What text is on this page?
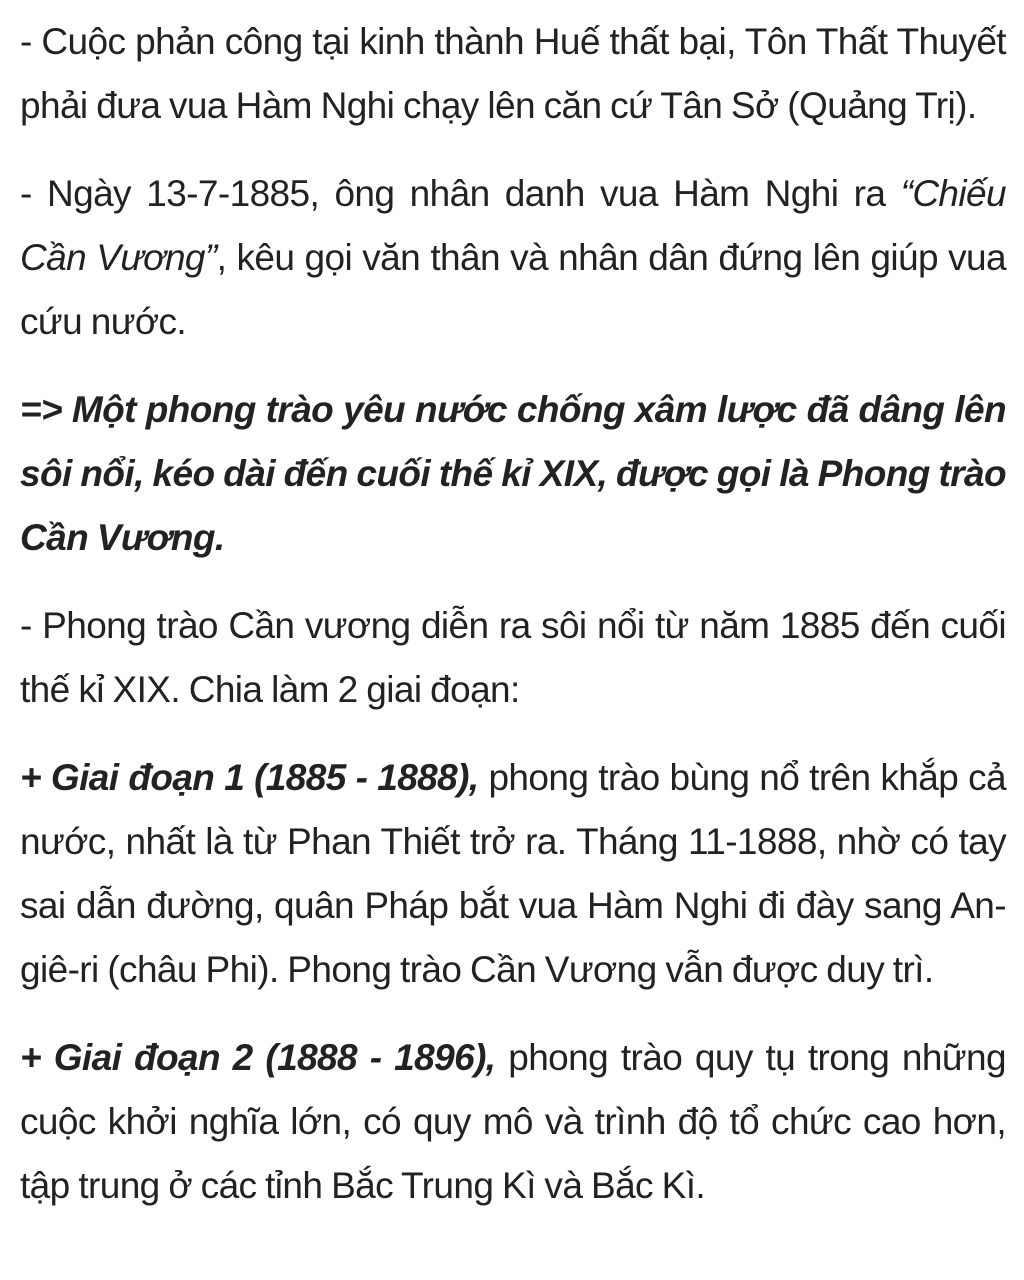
- Cuộc phản công tại kinh thành Huế thất bại, Tôn Thất Thuyết phải đưa vua Hàm Nghi chạy lên căn cứ Tân Sở (Quảng Trị).

- Ngày 13-7-1885, ông nhân danh vua Hàm Nghi ra “Chiếu Cần Vương”, kêu gọi văn thân và nhân dân đứng lên giúp vua cứu nước.

=> Một phong trào yêu nước chống xâm lược đã dâng lên sôi nổi, kéo dài đến cuối thế kỉ XIX, được gọi là Phong trào Cần Vương.

- Phong trào Cần vương diễn ra sôi nổi từ năm 1885 đến cuối thế kỉ XIX. Chia làm 2 giai đoạn:

+ Giai đoạn 1 (1885 - 1888), phong trào bùng nổ trên khắp cả nước, nhất là từ Phan Thiết trở ra. Tháng 11-1888, nhờ có tay sai dẫn đường, quân Pháp bắt vua Hàm Nghi đi đày sang An-giê-ri (châu Phi). Phong trào Cần Vương vẫn được duy trì.

+ Giai đoạn 2 (1888 - 1896), phong trào quy tụ trong những cuộc khởi nghĩa lớn, có quy mô và trình độ tổ chức cao hơn, tập trung ở các tỉnh Bắc Trung Kì và Bắc Kì.
